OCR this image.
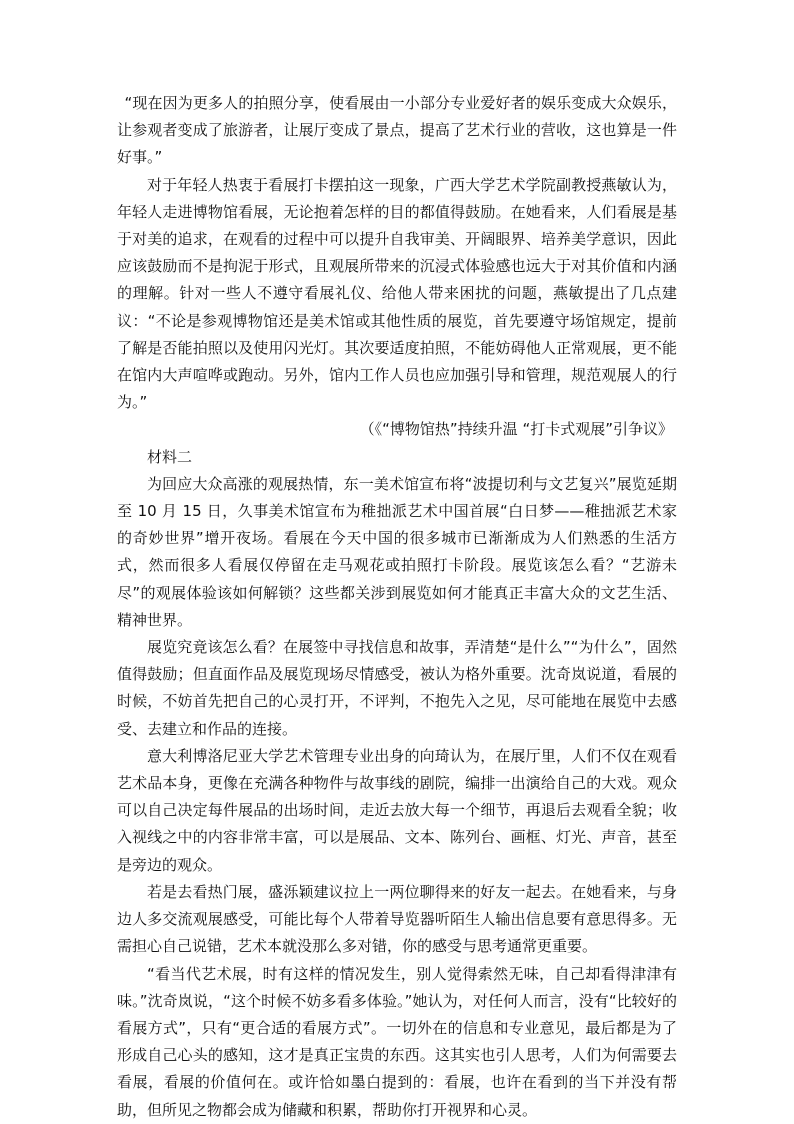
“现在因为更多人的拍照分享，使看展由一小部分专业爱好者的娱乐变成大众娱乐，让参观者变成了旅游者，让展厅变成了景点，提高了艺术行业的营收，这也算是一件好事。”

对于年轻人热衷于看展打卡摆拍这一现象，广西大学艺术学院副教授燕敏认为，年轻人走进博物馆看展，无论抱着怎样的目的都值得鼓励。在她看来，人们看展是基于对美的追求，在观看的过程中可以提升自我审美、开阔眼界、培养美学意识，因此应该鼓励而不是拘泥于形式，且观展所带来的沉浸式体验感也远大于对其价值和内涵的理解。针对一些人不遵守看展礼仪、给他人带来困扰的问题，燕敏提出了几点建议：“不论是参观博物馆还是美术馆或其他性质的展览，首先要遵守场馆规定，提前了解是否能拍照以及使用闪光灯。其次要适度拍照，不能妨碍他人正常观展，更不能在馆内大声喧哗或跑动。另外，馆内工作人员也应加强引导和管理，规范观展人的行为。”

（《“博物馆热”持续升温 “打卡式观展”引争议》

材料二

为回应大众高涨的观展热情，东一美术馆宣布将“波提切利与文艺复兴”展览延期至 10 月 15 日，久事美术馆宣布为稚拙派艺术中国首展“白日梦——稚拙派艺术家的奇妙世界”增开夜场。看展在今天中国的很多城市已渐渐成为人们熟悉的生活方式，然而很多人看展仅停留在走马观花或拍照打卡阶段。展览该怎么看？“艺游未尽”的观展体验该如何解锁？这些都关涉到展览如何才能真正丰富大众的文艺生活、精神世界。

展览究竟该怎么看？在展签中寻找信息和故事，弄清楚“是什么”“为什么”，固然值得鼓励；但直面作品及展览现场尽情感受，被认为格外重要。沈奇岚说道，看展的时候，不妨首先把自己的心灵打开，不评判，不抱先入之见，尽可能地在展览中去感受、去建立和作品的连接。

意大利博洛尼亚大学艺术管理专业出身的向琦认为，在展厅里，人们不仅在观看艺术品本身，更像在充满各种物件与故事线的剧院，编排一出演给自己的大戏。观众可以自己决定每件展品的出场时间，走近去放大每一个细节，再退后去观看全貌；收入视线之中的内容非常丰富，可以是展品、文本、陈列台、画框、灯光、声音，甚至是旁边的观众。

若是去看热门展，盛泺颖建议拉上一两位聊得来的好友一起去。在她看来，与身边人多交流观展感受，可能比每个人带着导览器听陌生人输出信息要有意思得多。无需担心自己说错，艺术本就没那么多对错，你的感受与思考通常更重要。

“看当代艺术展，时有这样的情况发生，别人觉得索然无味，自己却看得津津有味。”沈奇岚说，“这个时候不妨多看多体验。”她认为，对任何人而言，没有“比较好的看展方式”，只有“更合适的看展方式”。一切外在的信息和专业意见，最后都是为了形成自己心头的感知，这才是真正宝贵的东西。这其实也引人思考，人们为何需要去看展，看展的价值何在。或许恰如墨白提到的：看展，也许在看到的当下并没有帮助，但所见之物都会成为储藏和积累，帮助你打开视界和心灵。
